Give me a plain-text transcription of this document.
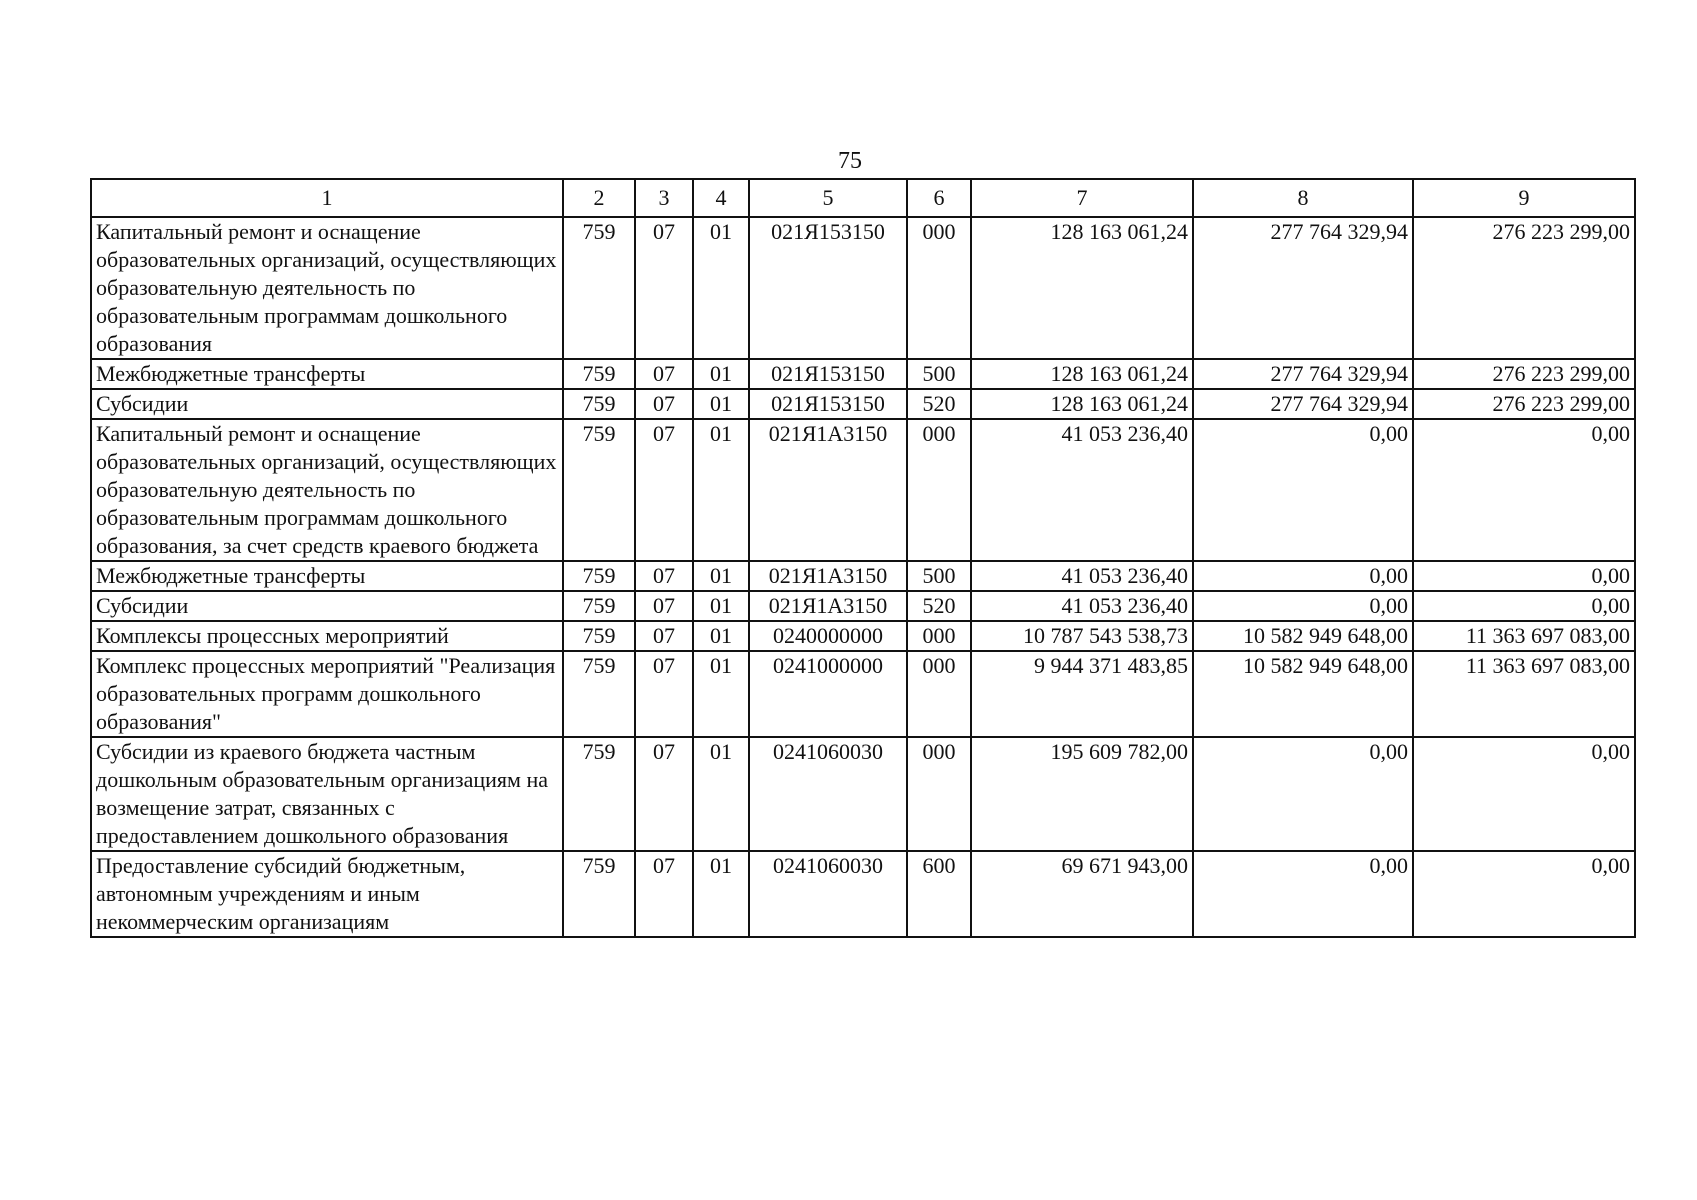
75
1	2	3	4	5	6	7	8	9
Капитальный ремонт и оснащение образовательных организаций, осуществляющих образовательную деятельность по образовательным программам дошкольного образования	759	07	01	021Я153150	000	128 163 061,24	277 764 329,94	276 223 299,00
Межбюджетные трансферты	759	07	01	021Я153150	500	128 163 061,24	277 764 329,94	276 223 299,00
Субсидии	759	07	01	021Я153150	520	128 163 061,24	277 764 329,94	276 223 299,00
Капитальный ремонт и оснащение образовательных организаций, осуществляющих образовательную деятельность по образовательным программам дошкольного образования, за счет средств краевого бюджета	759	07	01	021Я1А3150	000	41 053 236,40	0,00	0,00
Межбюджетные трансферты	759	07	01	021Я1А3150	500	41 053 236,40	0,00	0,00
Субсидии	759	07	01	021Я1А3150	520	41 053 236,40	0,00	0,00
Комплексы процессных мероприятий	759	07	01	0240000000	000	10 787 543 538,73	10 582 949 648,00	11 363 697 083,00
Комплекс процессных мероприятий "Реализация образовательных программ дошкольного образования"	759	07	01	0241000000	000	9 944 371 483,85	10 582 949 648,00	11 363 697 083,00
Субсидии из краевого бюджета частным дошкольным образовательным организациям на возмещение затрат, связанных с предоставлением дошкольного образования	759	07	01	0241060030	000	195 609 782,00	0,00	0,00
Предоставление субсидий бюджетным, автономным учреждениям и иным некоммерческим организациям	759	07	01	0241060030	600	69 671 943,00	0,00	0,00
